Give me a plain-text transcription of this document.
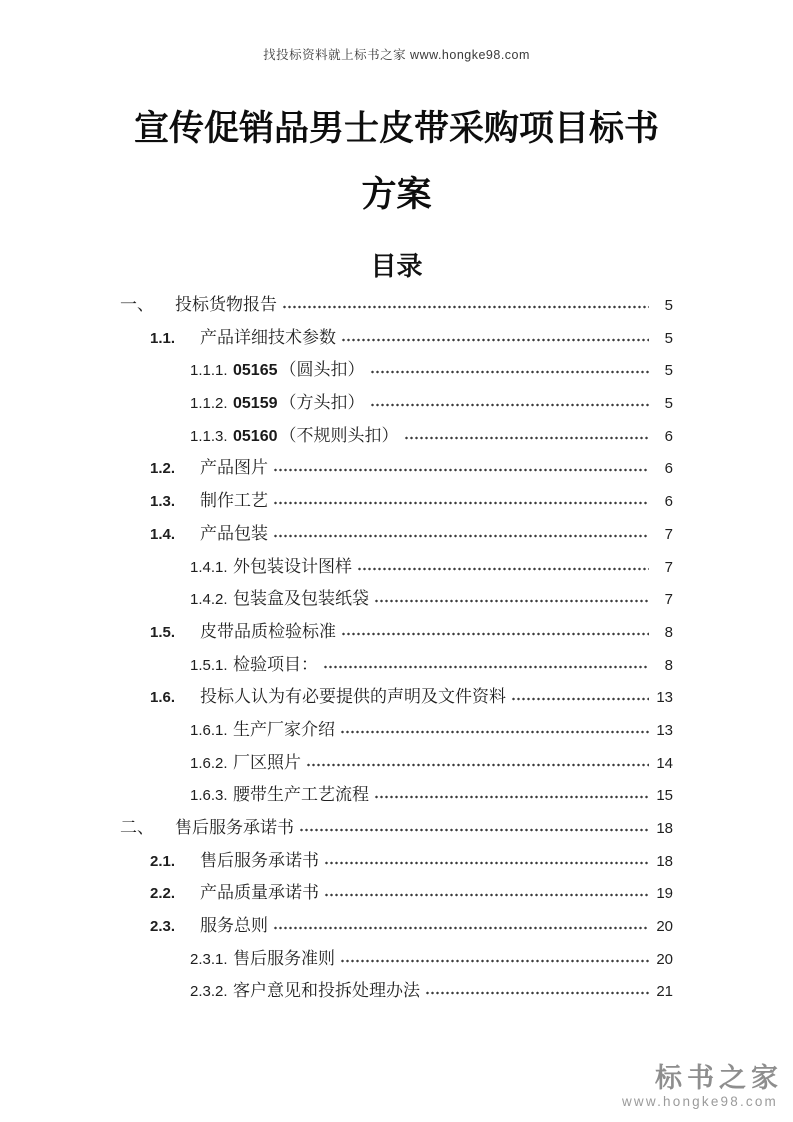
找投标资料就上标书之家 www.hongke98.com
宣传促销品男士皮带采购项目标书
方案
目录
一、	投标货物报告	5
1.1.	产品详细技术参数	5
1.1.1. 05165 （圆头扣）	5
1.1.2. 05159 （方头扣）	5
1.1.3. 05160 （不规则头扣）	6
1.2.	产品图片	6
1.3.	制作工艺	6
1.4.	产品包装	7
1.4.1. 外包装设计图样	7
1.4.2. 包装盒及包装纸袋	7
1.5.	皮带品质检验标准	8
1.5.1. 检验项目：	8
1.6.	投标人认为有必要提供的声明及文件资料	13
1.6.1. 生产厂家介绍	13
1.6.2. 厂区照片	14
1.6.3. 腰带生产工艺流程	15
二、	售后服务承诺书	18
2.1.	售后服务承诺书	18
2.2.	产品质量承诺书	19
2.3.	服务总则	20
2.3.1. 售后服务准则	20
2.3.2. 客户意见和投拆处理办法	21
标书之家
www.hongke98.com
